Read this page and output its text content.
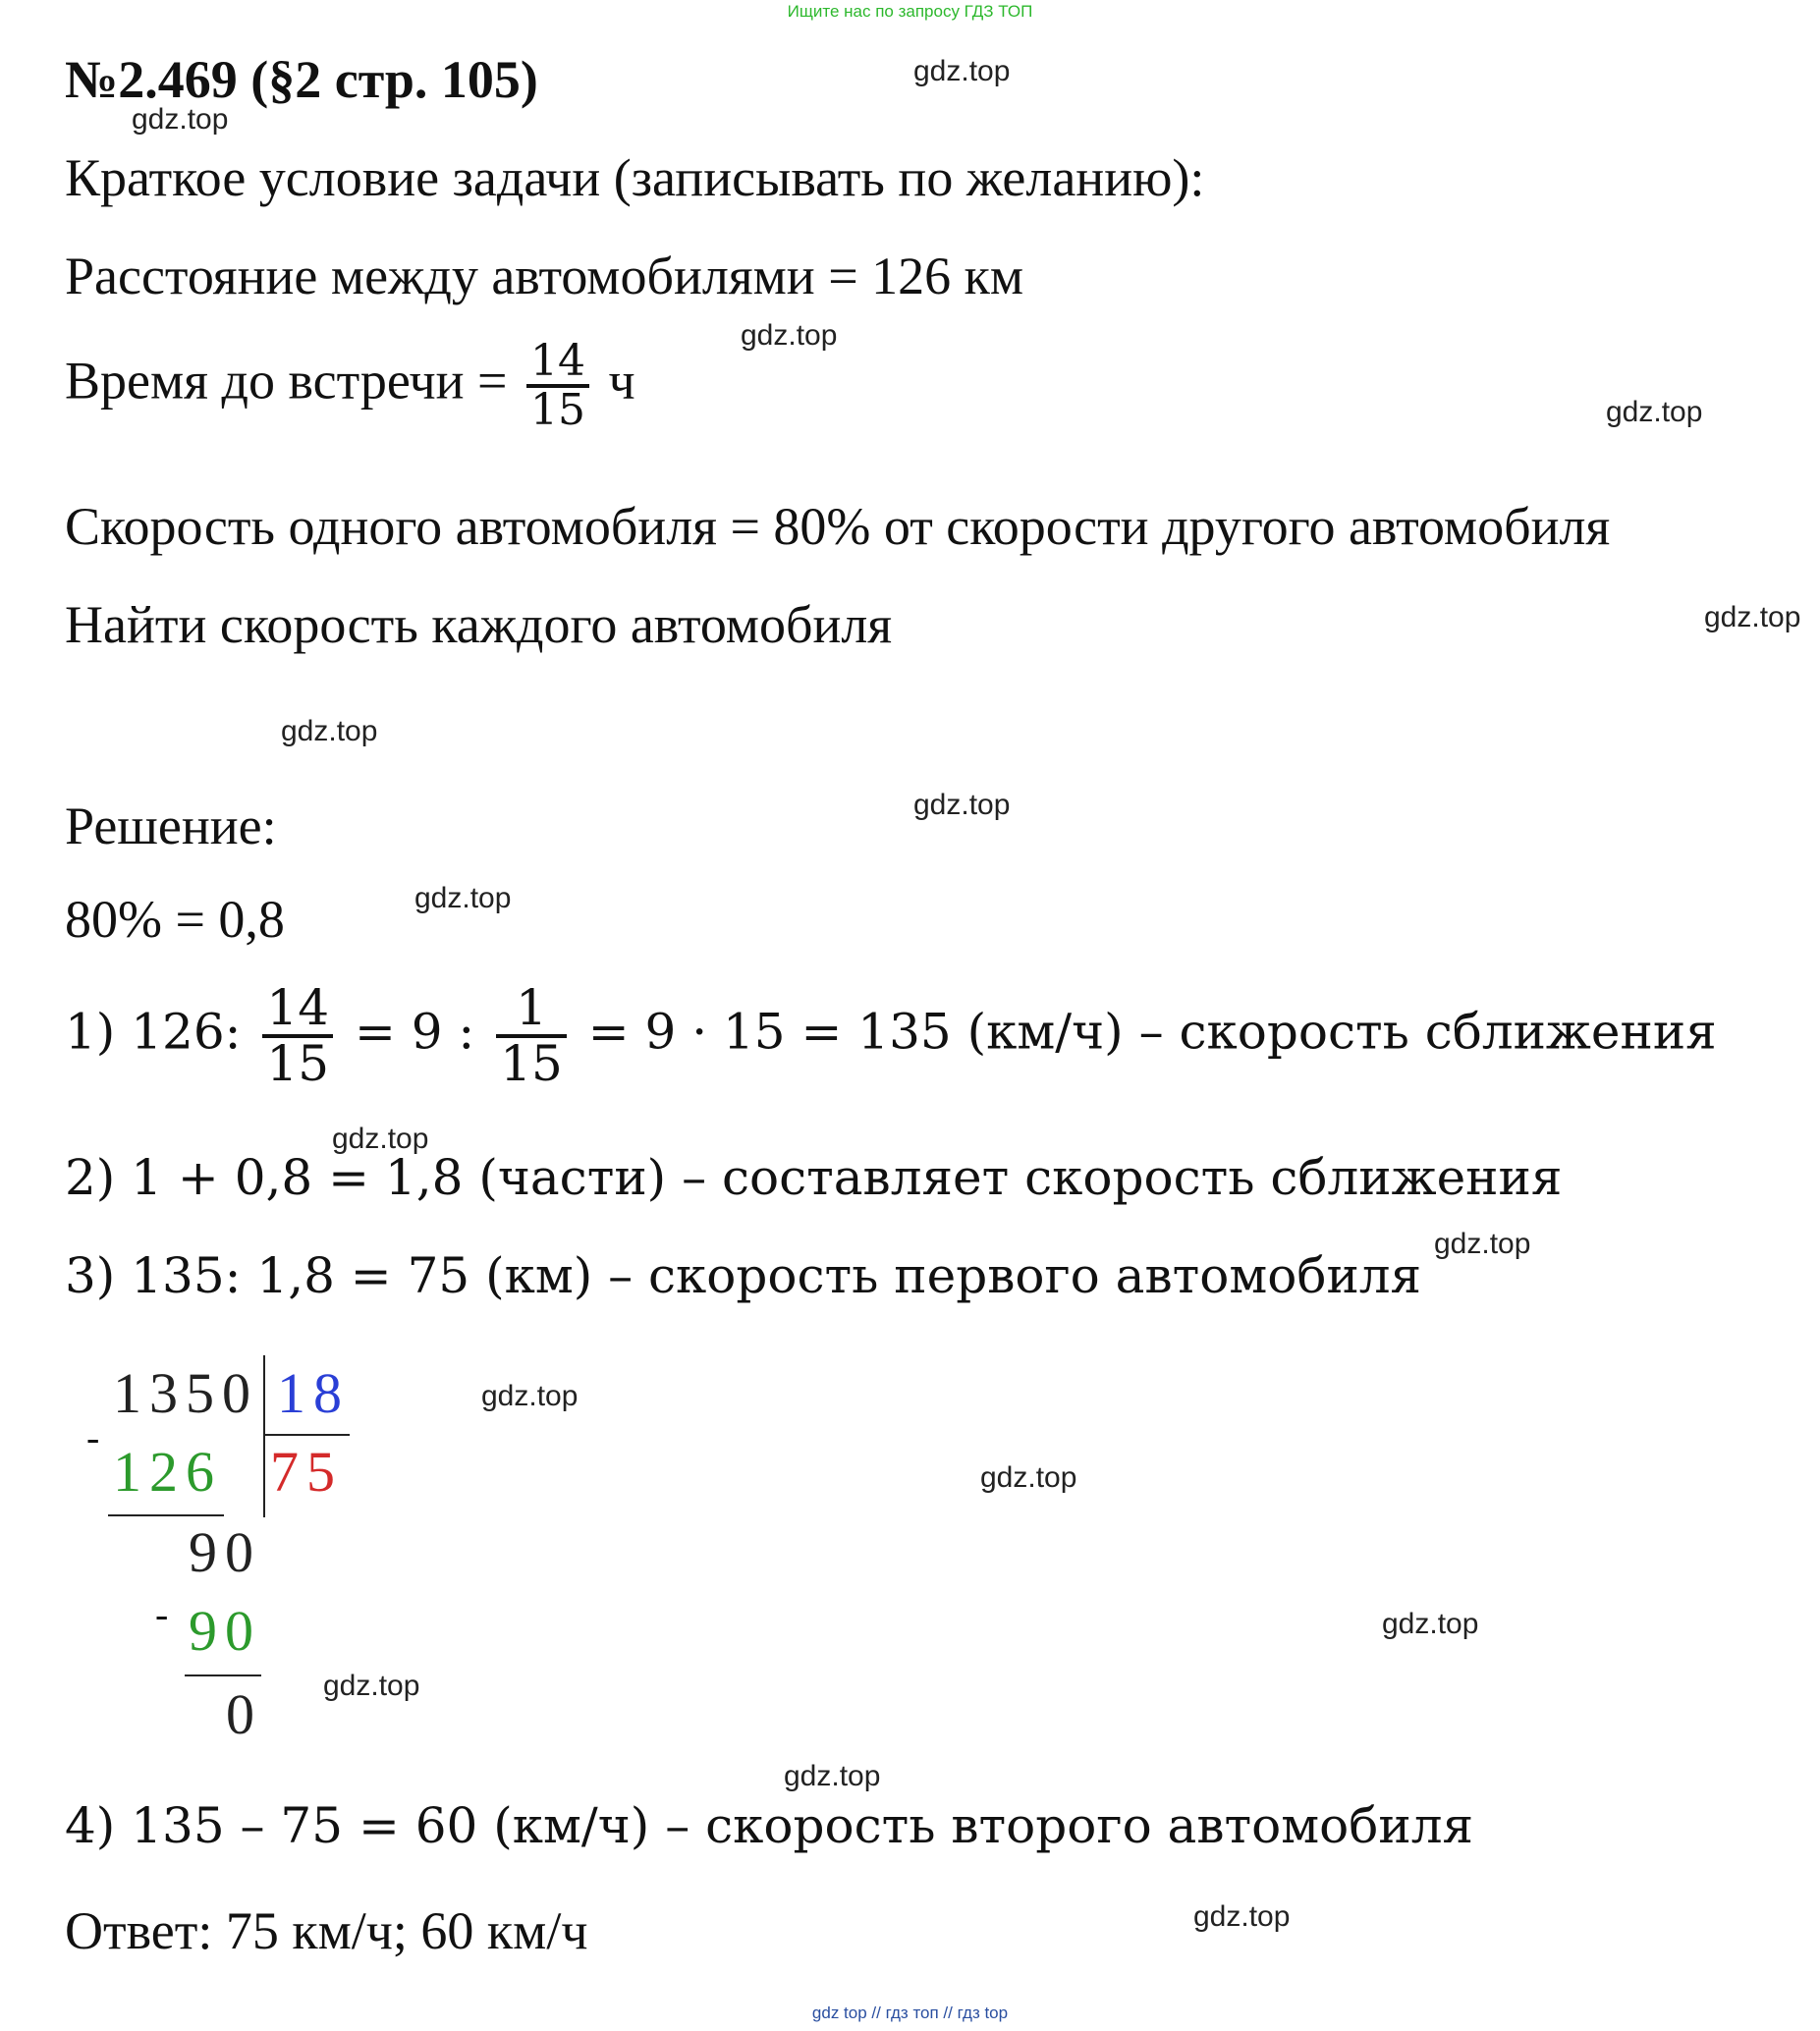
Ищите нас по запросу ГДЗ ТОП
№2.469 (§2 стр. 105)
Краткое условие задачи (записывать по желанию):
Расстояние между автомобилями = 126 км
Время до встречи = $\frac{14}{15}$ ч
Скорость одного автомобиля = 80% от скорости другого автомобиля
Найти скорость каждого автомобиля
Решение:
80% = 0,8
1) 126: $\frac{14}{15} = 9$ : $\frac{1}{15} = 9 \cdot 15 = 135$ (км/ч) – скорость сближения
2) 1 + 0,8 = 1,8 (части) – составляет скорость сближения
3) 135: 1,8 = 75 (км) – скорость первого автомобиля
1350 18
-
126 75
90
- 90
0
4) 135 – 75 = 60 (км/ч) – скорость второго автомобиля
Ответ: 75 км/ч; 60 км/ч
gdz.top
gdz.top
gdz.top
gdz.top
gdz.top
gdz.top
gdz.top
gdz.top
gdz.top
gdz.top
gdz.top
gdz.top
gdz.top
gdz.top
gdz.top
gdz.top
gdz top // гдз топ // гдз top
